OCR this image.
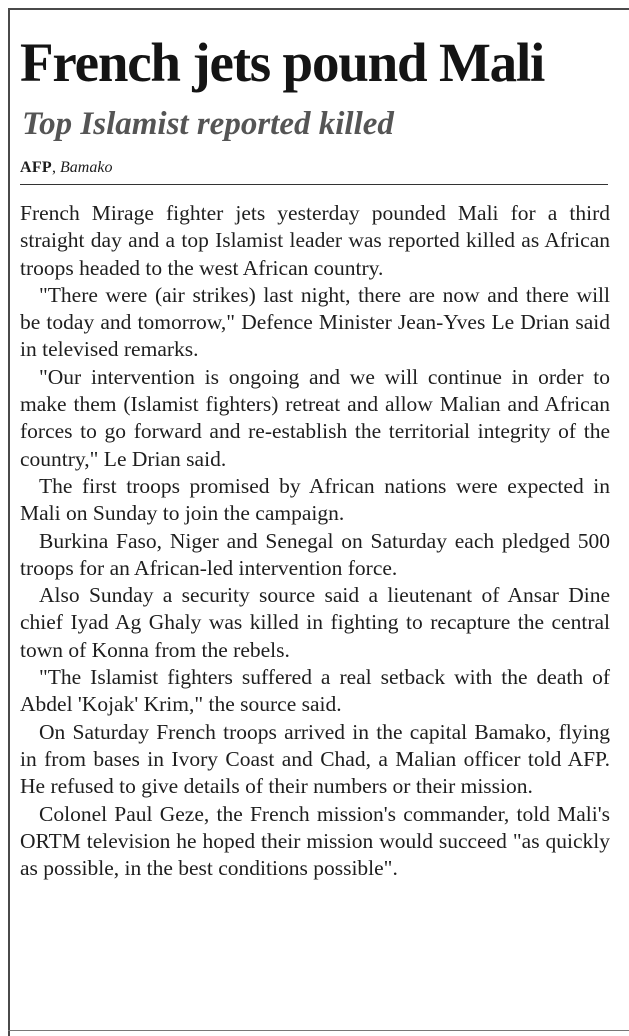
French jets pound Mali
Top Islamist reported killed
AFP, Bamako

French Mirage fighter jets yesterday pounded Mali for a third straight day and a top Islamist leader was reported killed as African troops headed to the west African country.

"There were (air strikes) last night, there are now and there will be today and tomorrow," Defence Minister Jean-Yves Le Drian said in televised remarks.

"Our intervention is ongoing and we will continue in order to make them (Islamist fighters) retreat and allow Malian and African forces to go forward and re-establish the territorial integrity of the country," Le Drian said.

The first troops promised by African nations were expected in Mali on Sunday to join the campaign.

Burkina Faso, Niger and Senegal on Saturday each pledged 500 troops for an African-led intervention force.

Also Sunday a security source said a lieutenant of Ansar Dine chief Iyad Ag Ghaly was killed in fighting to recapture the central town of Konna from the rebels.

"The Islamist fighters suffered a real setback with the death of Abdel 'Kojak' Krim," the source said.

On Saturday French troops arrived in the capital Bamako, flying in from bases in Ivory Coast and Chad, a Malian officer told AFP. He refused to give details of their numbers or their mission.

Colonel Paul Geze, the French mission's commander, told Mali's ORTM television he hoped their mission would succeed "as quickly as possible, in the best conditions possible".
